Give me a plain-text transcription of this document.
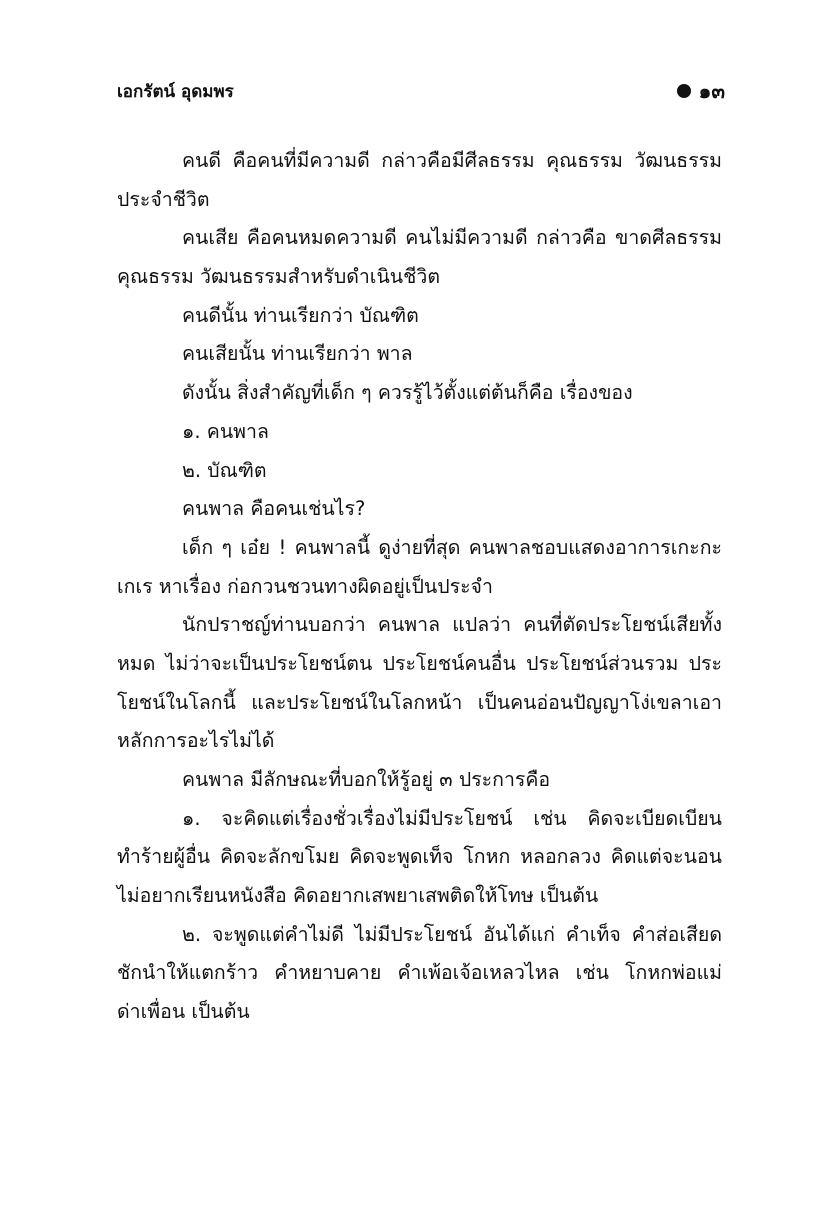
เอกรัตน์ อุดมพร	๑๓
คนดี คือคนที่มีความดี กล่าวคือมีศีลธรรม คุณธรรม วัฒนธรรม
ประจำชีวิต
คนเสีย คือคนหมดความดี คนไม่มีความดี กล่าวคือ ขาดศีลธรรม
คุณธรรม วัฒนธรรมสำหรับดำเนินชีวิต
คนดีนั้น ท่านเรียกว่า บัณฑิต
คนเสียนั้น ท่านเรียกว่า พาล
ดังนั้น สิ่งสำคัญที่เด็ก ๆ ควรรู้ไว้ตั้งแต่ต้นก็คือ เรื่องของ
๑. คนพาล
๒. บัณฑิต
คนพาล คือคนเช่นไร?
เด็ก ๆ เอ๋ย ! คนพาลนี้ ดูง่ายที่สุด คนพาลชอบแสดงอาการเกะกะ
เกเร หาเรื่อง ก่อกวนชวนทางผิดอยู่เป็นประจำ
นักปราชญ์ท่านบอกว่า คนพาล แปลว่า คนที่ตัดประโยชน์เสียทั้ง
หมด ไม่ว่าจะเป็นประโยชน์ตน ประโยชน์คนอื่น ประโยชน์ส่วนรวม ประ
โยชน์ในโลกนี้ และประโยชน์ในโลกหน้า เป็นคนอ่อนปัญญาโง่เขลาเอา
หลักการอะไรไม่ได้
คนพาล มีลักษณะที่บอกให้รู้อยู่ ๓ ประการคือ
๑. จะคิดแต่เรื่องชั่วเรื่องไม่มีประโยชน์ เช่น คิดจะเบียดเบียน
ทำร้ายผู้อื่น คิดจะลักขโมย คิดจะพูดเท็จ โกหก หลอกลวง คิดแต่จะนอน
ไม่อยากเรียนหนังสือ คิดอยากเสพยาเสพติดให้โทษ เป็นต้น
๒. จะพูดแต่คำไม่ดี ไม่มีประโยชน์ อันได้แก่ คำเท็จ คำส่อเสียด
ชักนำให้แตกร้าว คำหยาบคาย คำเพ้อเจ้อเหลวไหล เช่น โกหกพ่อแม่
ด่าเพื่อน เป็นต้น
